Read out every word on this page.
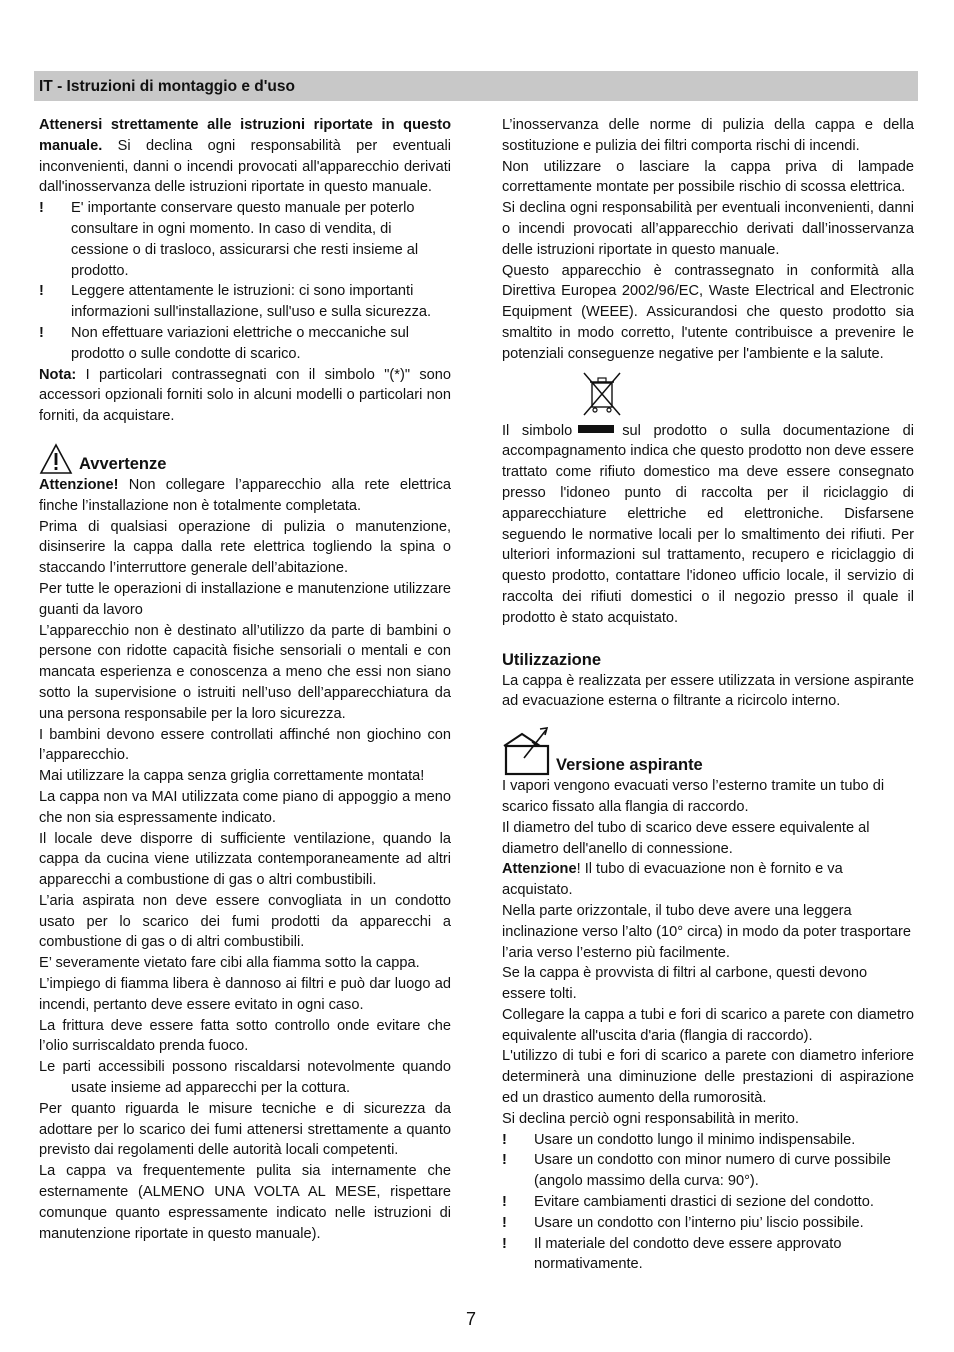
IT - Istruzioni di montaggio e d'uso

Attenersi strettamente alle istruzioni riportate in questo manuale. Si declina ogni responsabilità per eventuali inconvenienti, danni o incendi provocati all'apparecchio derivati dall'inosservanza delle istruzioni riportate in questo manuale.

! E' importante conservare questo manuale per poterlo consultare in ogni momento. In caso di vendita, di cessione o di trasloco, assicurarsi che resti insieme al prodotto.
! Leggere attentamente le istruzioni: ci sono importanti informazioni sull'installazione, sull'uso e sulla sicurezza.
! Non effettuare variazioni elettriche o meccaniche sul prodotto o sulle condotte di scarico.

Nota: I particolari contrassegnati con il simbolo "(*)" sono accessori opzionali forniti solo in alcuni modelli o particolari non forniti, da acquistare.

Avvertenze

Attenzione! Non collegare l’apparecchio alla rete elettrica finche l’installazione non è totalmente completata.

Prima di qualsiasi operazione di pulizia o manutenzione, disinserire la cappa dalla rete elettrica togliendo la spina o staccando l’interruttore generale dell’abitazione.

Per tutte le operazioni di installazione e manutenzione utilizzare guanti da lavoro

L’apparecchio non è destinato all’utilizzo da parte di bambini o persone con ridotte capacità fisiche sensoriali o mentali e con mancata esperienza e conoscenza a meno che essi non siano sotto la supervisione o istruiti nell’uso dell’apparecchiatura da una persona responsabile per la loro sicurezza.

I bambini devono essere controllati affinché non giochino con l’apparecchio.

Mai utilizzare la cappa senza griglia correttamente montata!

La cappa non va MAI utilizzata come piano di appoggio a meno che non sia espressamente indicato.

Il locale deve disporre di sufficiente ventilazione, quando la cappa da cucina viene utilizzata contemporaneamente ad altri apparecchi a combustione di gas o altri combustibili.

L’aria aspirata non deve essere convogliata in un condotto usato per lo scarico dei fumi prodotti da apparecchi a combustione di gas o di altri combustibili.

E’ severamente vietato fare cibi alla fiamma sotto la cappa.

L’impiego di fiamma libera è dannoso ai filtri e può dar luogo ad incendi, pertanto deve essere evitato in ogni caso.

La frittura deve essere fatta sotto controllo onde evitare che l’olio surriscaldato prenda fuoco.

Le parti accessibili possono riscaldarsi notevolmente quando usate insieme ad apparecchi per la cottura.

Per quanto riguarda le misure tecniche e di sicurezza da adottare per lo scarico dei fumi attenersi strettamente a quanto previsto dai regolamenti delle autorità locali competenti.

La cappa va frequentemente pulita sia internamente che esternamente (ALMENO UNA VOLTA AL MESE, rispettare comunque quanto espressamente indicato nelle istruzioni di manutenzione riportate in questo manuale).

L’inosservanza delle norme di pulizia della cappa e della sostituzione e pulizia dei filtri comporta rischi di incendi.

Non utilizzare o lasciare la cappa priva di lampade correttamente montate per possibile rischio di scossa elettrica.

Si declina ogni responsabilità per eventuali inconvenienti, danni o incendi provocati all’apparecchio derivati dall’inosservanza delle istruzioni riportate in questo manuale.

Questo apparecchio è contrassegnato in conformità alla Direttiva Europea 2002/96/EC, Waste Electrical and Electronic Equipment (WEEE). Assicurandosi che questo prodotto sia smaltito in modo corretto, l'utente contribuisce a prevenire le potenziali conseguenze negative per l'ambiente e la salute.

Il simbolo	sul prodotto o sulla documentazione di accompagnamento indica che questo prodotto non deve essere trattato come rifiuto domestico ma deve essere consegnato presso l'idoneo punto di raccolta per il riciclaggio di apparecchiature elettriche ed elettroniche. Disfarsene seguendo le normative locali per lo smaltimento dei rifiuti. Per ulteriori informazioni sul trattamento, recupero e riciclaggio di questo prodotto, contattare l'idoneo ufficio locale, il servizio di raccolta dei rifiuti domestici o il negozio presso il quale il prodotto è stato acquistato.

Utilizzazione

La cappa è realizzata per essere utilizzata in versione aspirante ad evacuazione esterna o filtrante a ricircolo interno.

Versione aspirante

I vapori vengono evacuati verso l’esterno tramite un tubo di scarico fissato alla flangia di raccordo.

Il diametro del tubo di scarico deve essere equivalente al diametro dell'anello di connessione.

Attenzione! Il tubo di evacuazione non è fornito e va acquistato.

Nella parte orizzontale, il tubo deve avere una leggera inclinazione verso l’alto (10° circa) in modo da poter trasportare l’aria verso l’esterno più facilmente.

Se la cappa è provvista di filtri al carbone, questi devono essere tolti.

Collegare la cappa a tubi e fori di scarico a parete con diametro equivalente all'uscita d'aria (flangia di raccordo).

L'utilizzo di tubi e fori di scarico a parete con diametro inferiore determinerà una diminuzione delle prestazioni di aspirazione ed un drastico aumento della rumorosità.

Si declina perciò ogni responsabilità in merito.

! Usare un condotto lungo il minimo indispensabile.
! Usare un condotto con minor numero di curve possibile (angolo massimo della curva: 90°).
! Evitare cambiamenti drastici di sezione del condotto.
! Usare un condotto con l’interno piu’ liscio possibile.
! Il materiale del condotto deve essere approvato normativamente.
7
